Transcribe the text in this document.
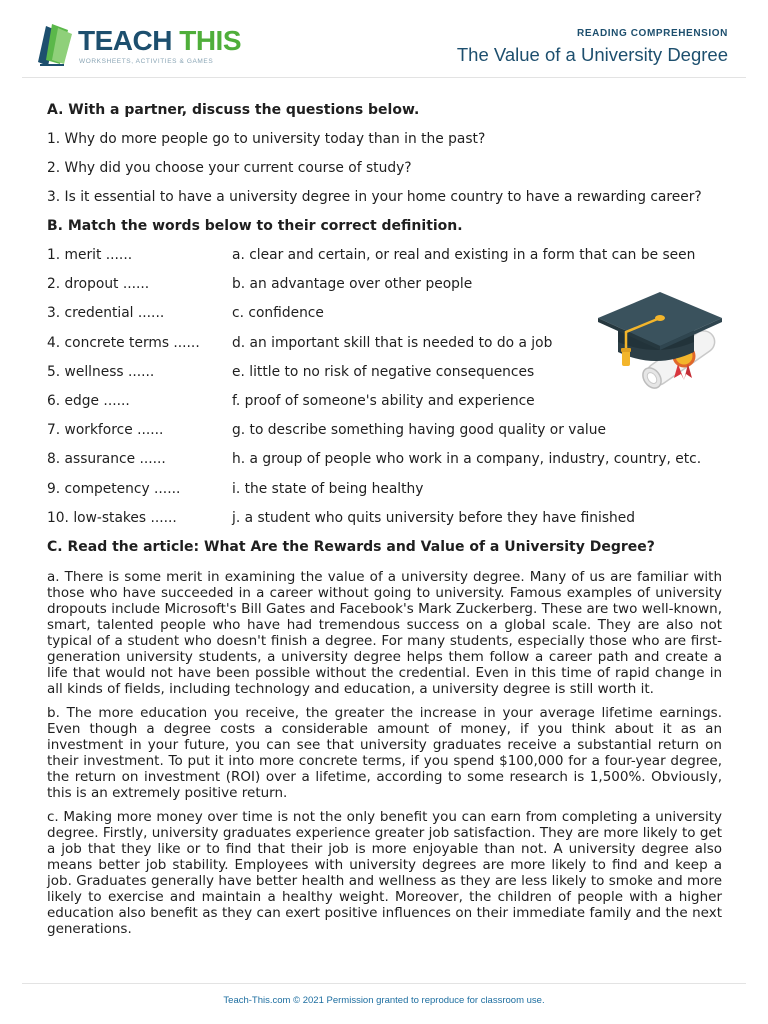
TEACH THIS
WORKSHEETS, ACTIVITIES & GAMES
READING COMPREHENSION
The Value of a University Degree
A. With a partner, discuss the questions below.
1. Why do more people go to university today than in the past?
2. Why did you choose your current course of study?
3. Is it essential to have a university degree in your home country to have a rewarding career?
B. Match the words below to their correct definition.
1. merit ......	a. clear and certain, or real and existing in a form that can be seen
2. dropout ......	b. an advantage over other people
3. credential ......	c. confidence
4. concrete terms ...... d. an important skill that is needed to do a job
5. wellness ......	e. little to no risk of negative consequences
6. edge ......	f. proof of someone's ability and experience
7. workforce ......	g. to describe something having good quality or value
8. assurance ......	h. a group of people who work in a company, industry, country, etc.
9. competency ......	i. the state of being healthy
10. low-stakes ......	j. a student who quits university before they have finished
C. Read the article: What Are the Rewards and Value of a University Degree?

a. There is some merit in examining the value of a university degree. Many of us are familiar with those who have succeeded in a career without going to university. Famous examples of university dropouts include Microsoft's Bill Gates and Facebook's Mark Zuckerberg. These are two well-known, smart, talented people who have had tremendous success on a global scale. They are also not typical of a student who doesn't finish a degree. For many students, especially those who are first-generation university students, a university degree helps them follow a career path and create a life that would not have been possible without the credential. Even in this time of rapid change in all kinds of fields, including technology and education, a university degree is still worth it.

b. The more education you receive, the greater the increase in your average lifetime earnings. Even though a degree costs a considerable amount of money, if you think about it as an investment in your future, you can see that university graduates receive a substantial return on their investment. To put it into more concrete terms, if you spend $100,000 for a four-year degree, the return on investment (ROI) over a lifetime, according to some research is 1,500%. Obviously, this is an extremely positive return.

c. Making more money over time is not the only benefit you can earn from completing a university degree. Firstly, university graduates experience greater job satisfaction. They are more likely to get a job that they like or to find that their job is more enjoyable than not. A university degree also means better job stability. Employees with university degrees are more likely to find and keep a job. Graduates generally have better health and wellness as they are less likely to smoke and more likely to exercise and maintain a healthy weight. Moreover, the children of people with a higher education also benefit as they can exert positive influences on their immediate family and the next generations.

Teach-This.com © 2021 Permission granted to reproduce for classroom use.
